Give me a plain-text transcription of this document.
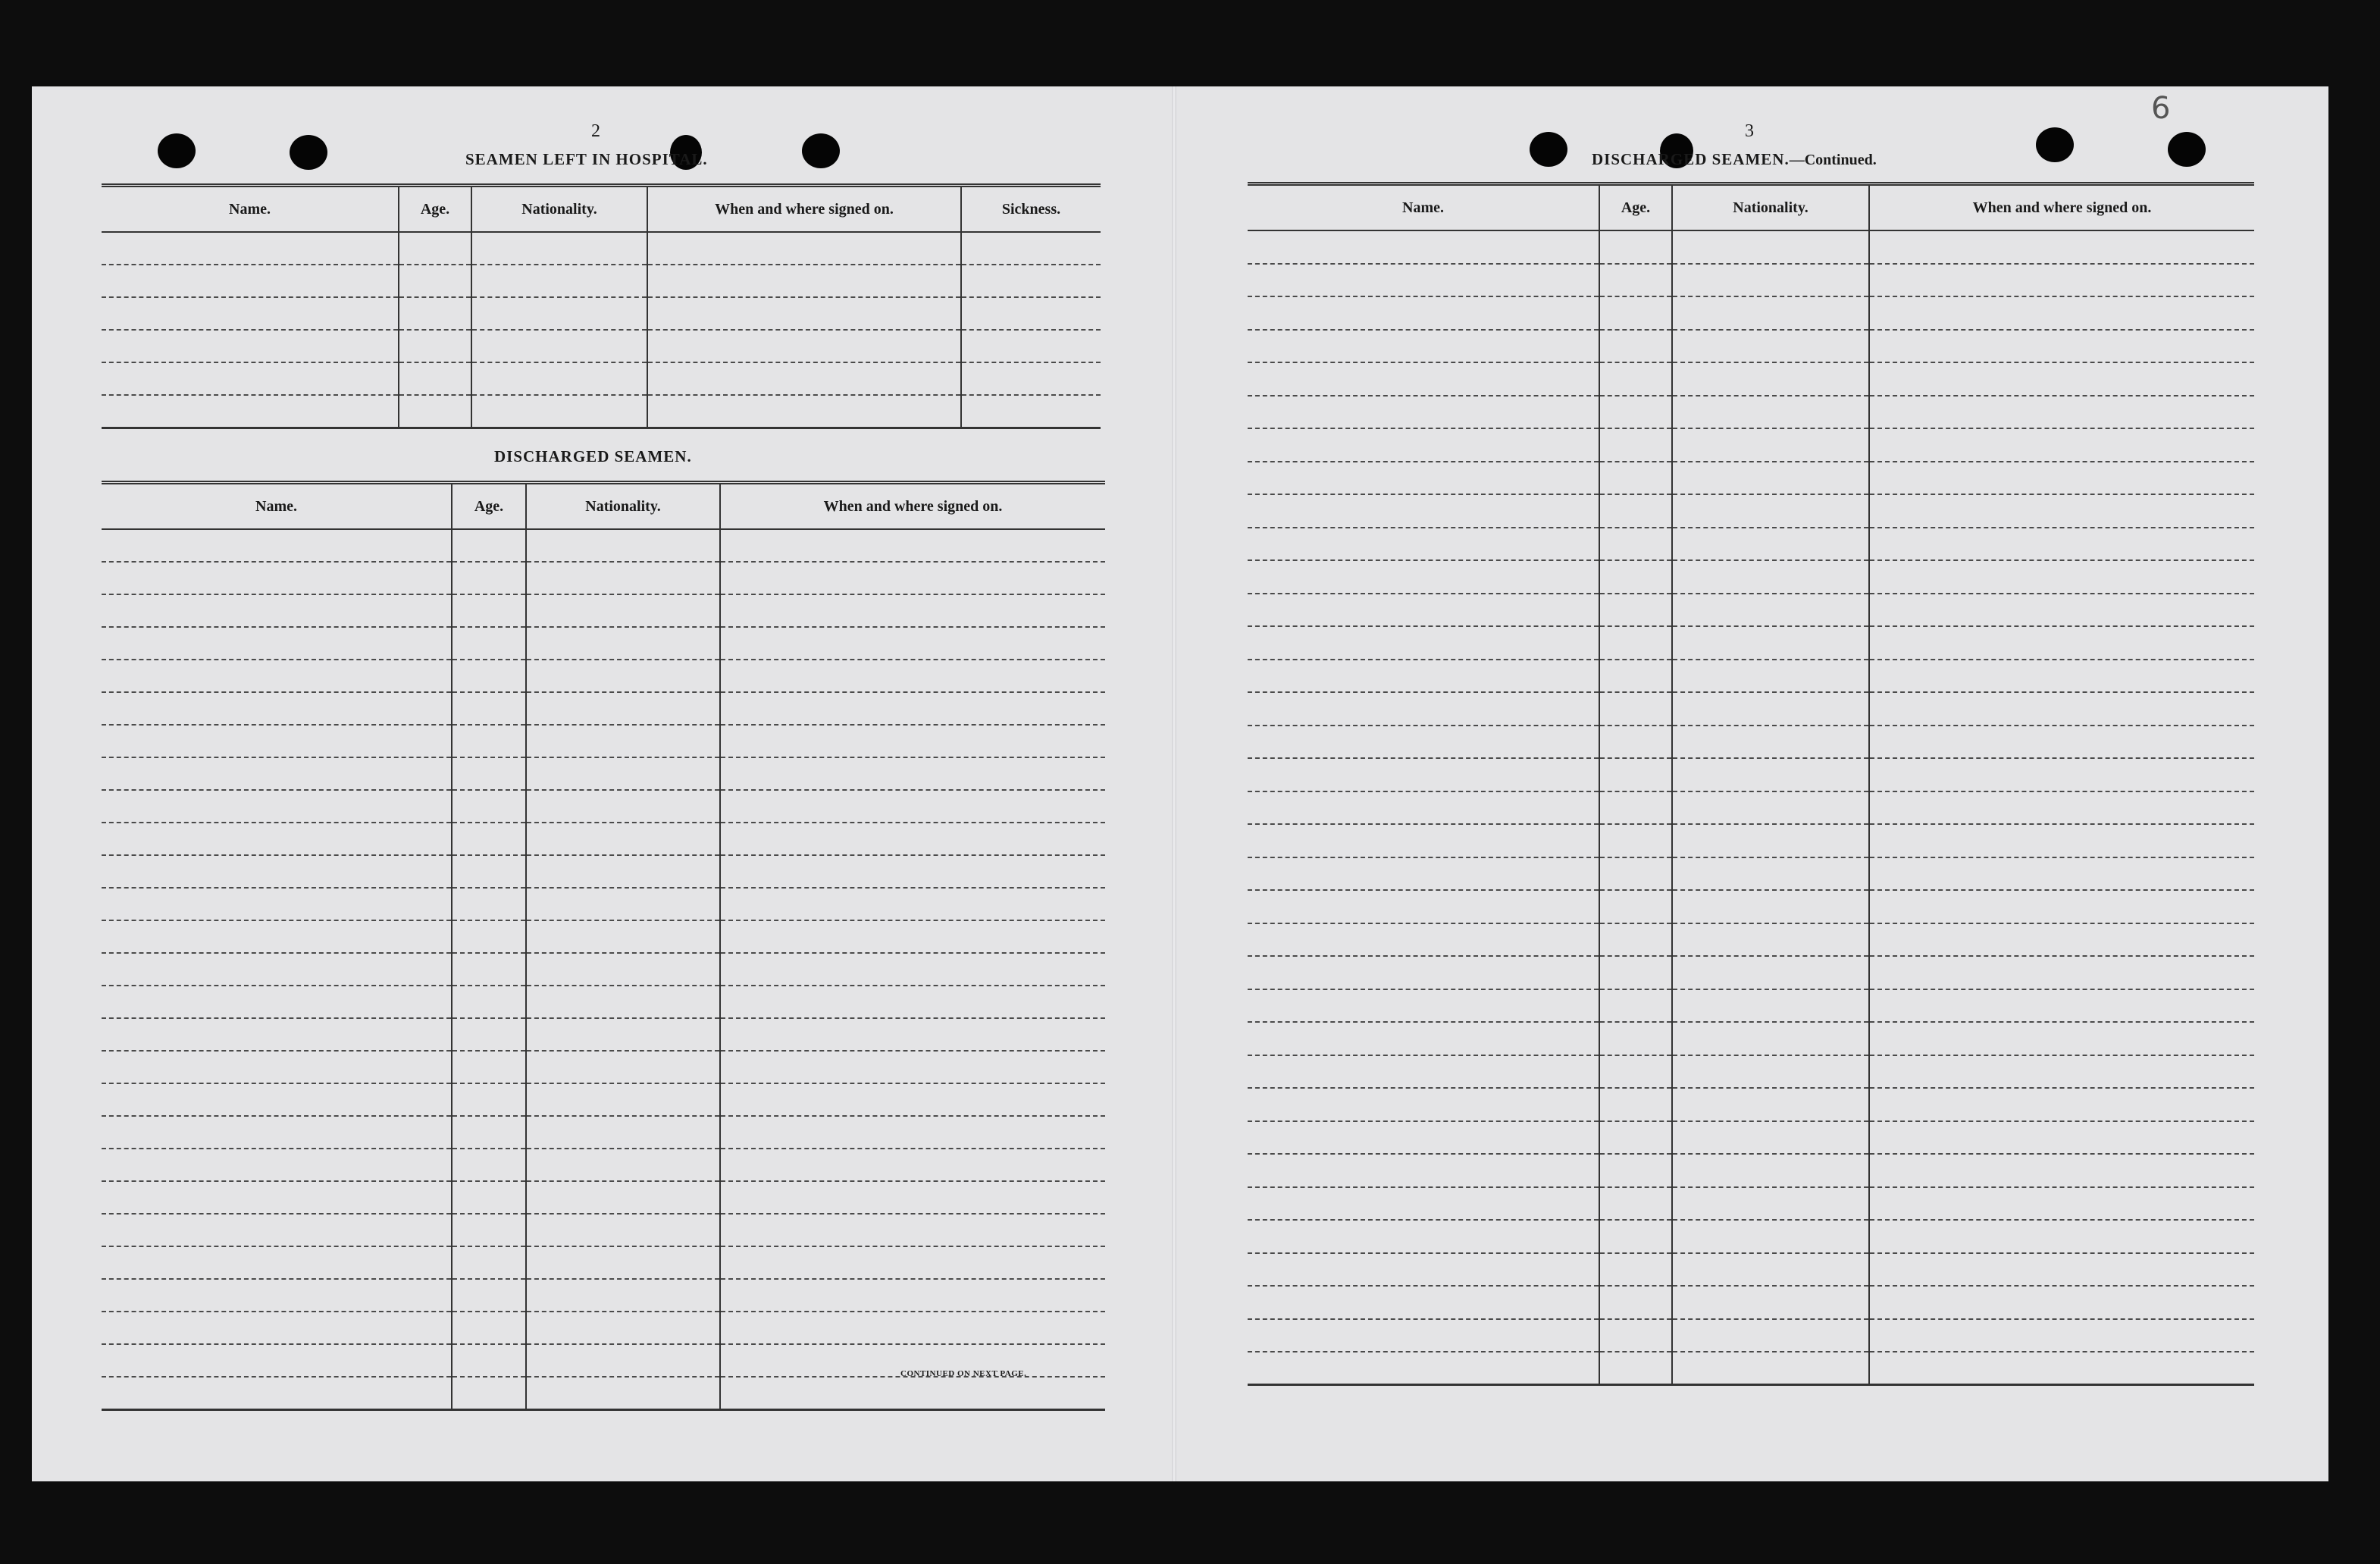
2
SEAMEN LEFT IN HOSPITAL.
Name.	Age.	Nationality.	When and where signed on.	Sickness.

DISCHARGED SEAMEN.
Name.	Age.	Nationality.	When and where signed on.

CONTINUED ON NEXT PAGE.
3
DISCHARGED SEAMEN.—Continued.
6
Name.	Age.	Nationality.	When and where signed on.
